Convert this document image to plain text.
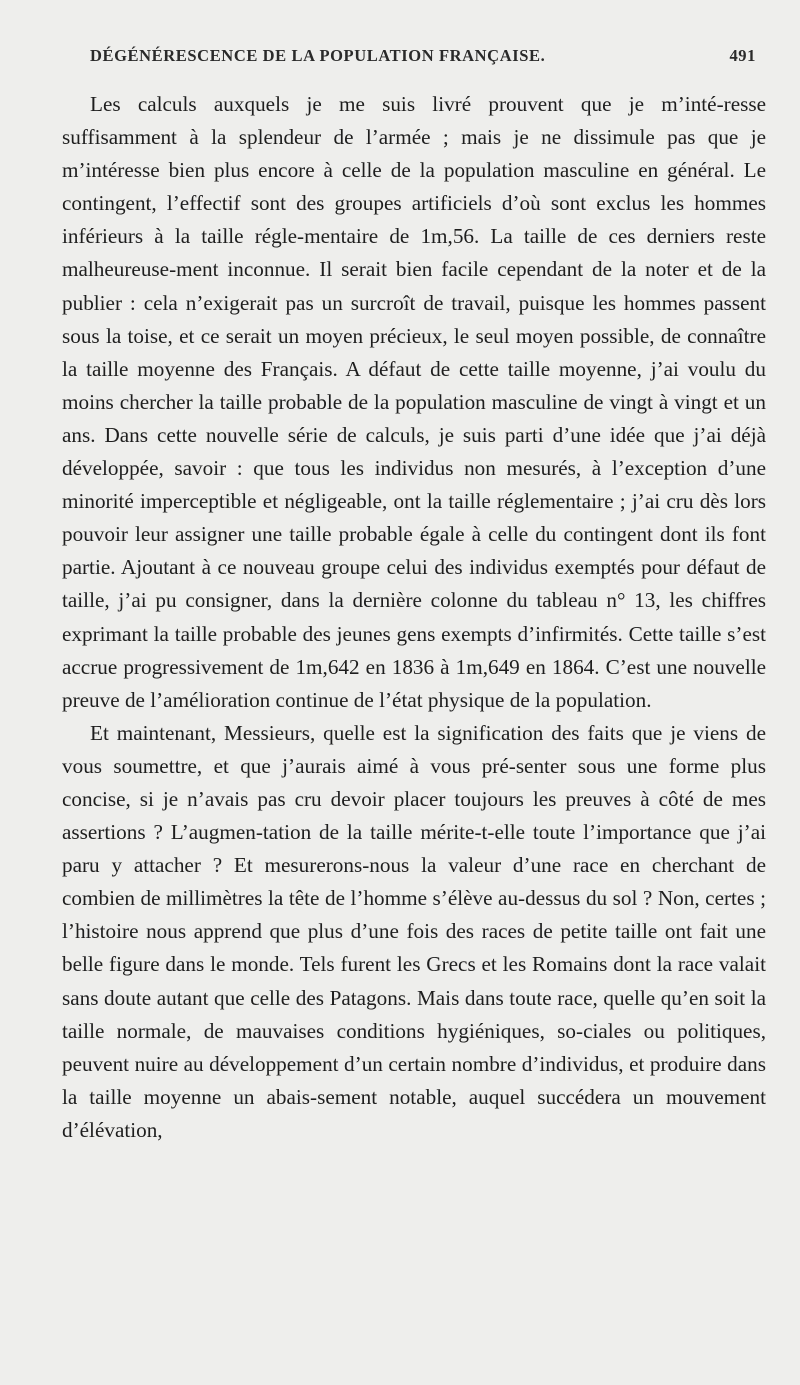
DÉGÉNÉRESCENCE DE LA POPULATION FRANÇAISE.	491

Les calculs auxquels je me suis livré prouvent que je m’inté-resse suffisamment à la splendeur de l’armée ; mais je ne dissimule pas que je m’intéresse bien plus encore à celle de la population masculine en général. Le contingent, l’effectif sont des groupes artificiels d’où sont exclus les hommes inférieurs à la taille régle-mentaire de 1m,56. La taille de ces derniers reste malheureuse-ment inconnue. Il serait bien facile cependant de la noter et de la publier : cela n’exigerait pas un surcroît de travail, puisque les hommes passent sous la toise, et ce serait un moyen précieux, le seul moyen possible, de connaître la taille moyenne des Français. A défaut de cette taille moyenne, j’ai voulu du moins chercher la taille probable de la population masculine de vingt à vingt et un ans. Dans cette nouvelle série de calculs, je suis parti d’une idée que j’ai déjà développée, savoir : que tous les individus non mesurés, à l’exception d’une minorité imperceptible et négligeable, ont la taille réglementaire ; j’ai cru dès lors pouvoir leur assigner une taille probable égale à celle du contingent dont ils font partie. Ajoutant à ce nouveau groupe celui des individus exemptés pour défaut de taille, j’ai pu consigner, dans la dernière colonne du tableau n° 13, les chiffres exprimant la taille probable des jeunes gens exempts d’infirmités. Cette taille s’est accrue progressivement de 1m,642 en 1836 à 1m,649 en 1864. C’est une nouvelle preuve de l’amélioration continue de l’état physique de la population.

Et maintenant, Messieurs, quelle est la signification des faits que je viens de vous soumettre, et que j’aurais aimé à vous pré-senter sous une forme plus concise, si je n’avais pas cru devoir placer toujours les preuves à côté de mes assertions ? L’augmen-tation de la taille mérite-t-elle toute l’importance que j’ai paru y attacher ? Et mesurerons-nous la valeur d’une race en cherchant de combien de millimètres la tête de l’homme s’élève au-dessus du sol ? Non, certes ; l’histoire nous apprend que plus d’une fois des races de petite taille ont fait une belle figure dans le monde. Tels furent les Grecs et les Romains dont la race valait sans doute autant que celle des Patagons. Mais dans toute race, quelle qu’en soit la taille normale, de mauvaises conditions hygiéniques, so-ciales ou politiques, peuvent nuire au développement d’un certain nombre d’individus, et produire dans la taille moyenne un abais-sement notable, auquel succédera un mouvement d’élévation,
